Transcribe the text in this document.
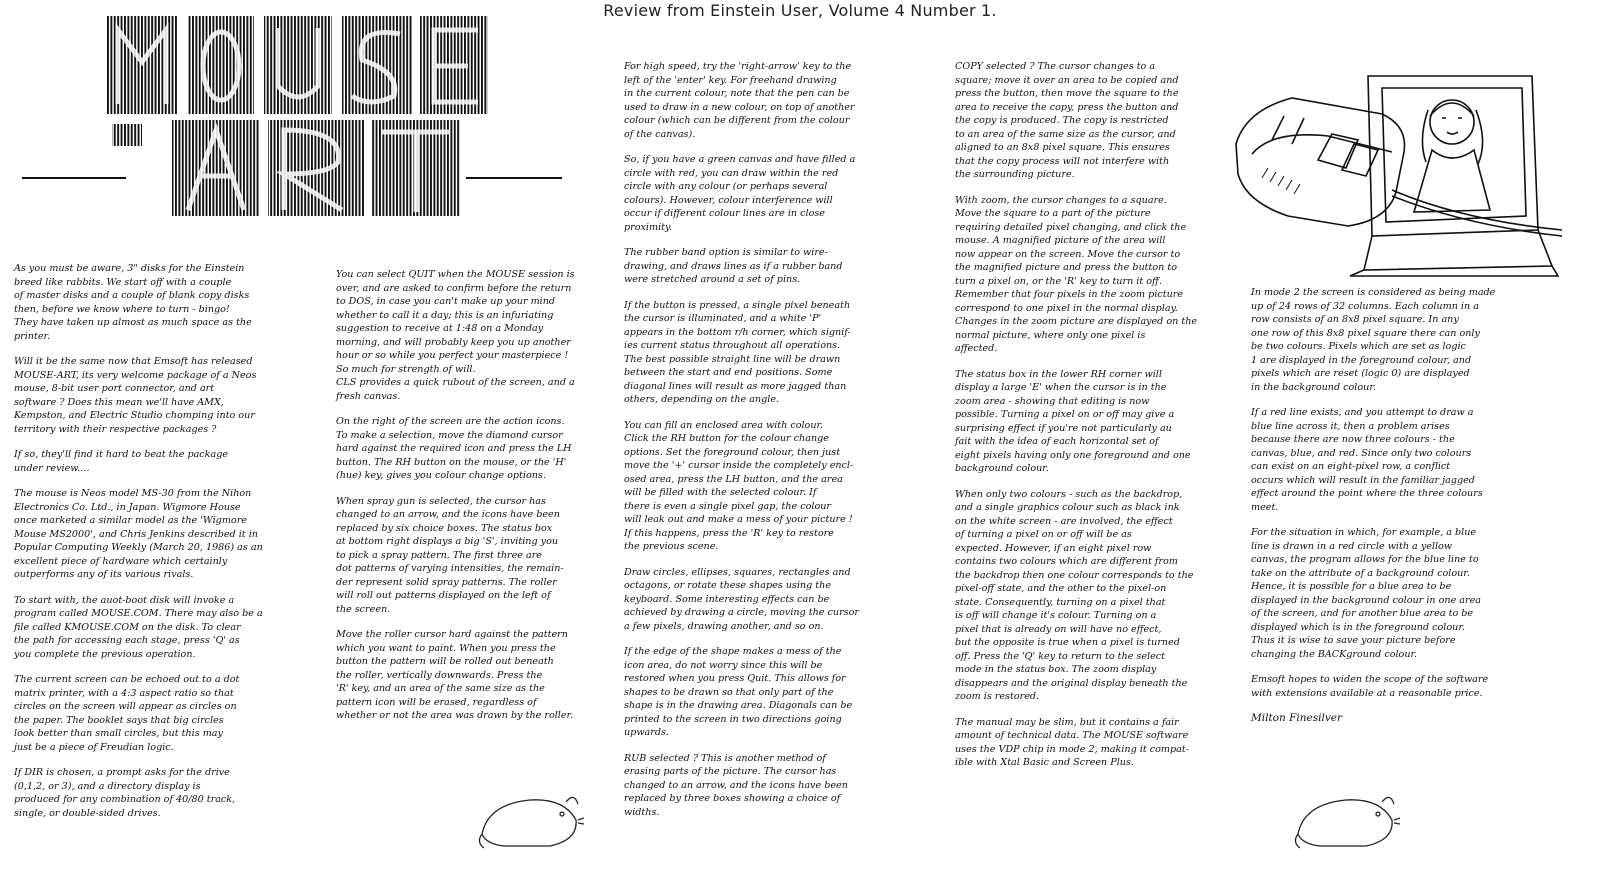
Review from Einstein User, Volume 4 Number 1.

As you must be aware, 3" disks for the Einstein
breed like rabbits. We start off with a couple
of master disks and a couple of blank copy disks
then, before we know where to turn - bingo!
They have taken up almost as much space as the
printer.

Will it be the same now that Emsoft has released
MOUSE-ART, its very welcome package of a Neos
mouse, 8-bit user port connector, and art
software ? Does this mean we'll have AMX,
Kempston, and Electric Studio chomping into our
territory with their respective packages ?

If so, they'll find it hard to beat the package
under review....

The mouse is Neos model MS-30 from the Nihon
Electronics Co. Ltd., in Japan. Wigmore House
once marketed a similar model as the 'Wigmore
Mouse MS2000', and Chris Jenkins described it in
Popular Computing Weekly (March 20, 1986) as an
excellent piece of hardware which certainly
outperforms any of its various rivals.

To start with, the auot-boot disk will invoke a
program called MOUSE.COM. There may also be a
file called KMOUSE.COM on the disk. To clear
the path for accessing each stage, press 'Q' as
you complete the previous operation.

The current screen can be echoed out to a dot
matrix printer, with a 4:3 aspect ratio so that
circles on the screen will appear as circles on
the paper. The booklet says that big circles
look better than small circles, but this may
just be a piece of Freudian logic.

If DIR is chosen, a prompt asks for the drive
(0,1,2, or 3), and a directory display is
produced for any combination of 40/80 track,
single, or double-sided drives.

You can select QUIT when the MOUSE session is
over, and are asked to confirm before the return
to DOS, in case you can't make up your mind
whether to call it a day; this is an infuriating
suggestion to receive at 1:48 on a Monday
morning, and will probably keep you up another
hour or so while you perfect your masterpiece !
So much for strength of will.
CLS provides a quick rubout of the screen, and a
fresh canvas.

On the right of the screen are the action icons.
To make a selection, move the diamond cursor
hard against the required icon and press the LH
button. The RH button on the mouse, or the 'H'
(hue) key, gives you colour change options.

When spray gun is selected, the cursor has
changed to an arrow, and the icons have been
replaced by six choice boxes. The status box
at bottom right displays a big 'S', inviting you
to pick a spray pattern. The first three are
dot patterns of varying intensities, the remain-
der represent solid spray patterns. The roller
will roll out patterns displayed on the left of
the screen.

Move the roller cursor hard against the pattern
which you want to paint. When you press the
button the pattern will be rolled out beneath
the roller, vertically downwards. Press the
'R' key, and an area of the same size as the
pattern icon will be erased, regardless of
whether or not the area was drawn by the roller.

For high speed, try the 'right-arrow' key to the
left of the 'enter' key. For freehand drawing
in the current colour, note that the pen can be
used to draw in a new colour, on top of another
colour (which can be different from the colour
of the canvas).

So, if you have a green canvas and have filled a
circle with red, you can draw within the red
circle with any colour (or perhaps several
colours). However, colour interference will
occur if different colour lines are in close
proximity.

The rubber band option is similar to wire-
drawing, and draws lines as if a rubber band
were stretched around a set of pins.

If the button is pressed, a single pixel beneath
the cursor is illuminated, and a white 'P'
appears in the bottom r/h corner, which signif-
ies current status throughout all operations.
The best possible straight line will be drawn
between the start and end positions. Some
diagonal lines will result as more jagged than
others, depending on the angle.

You can fill an enclosed area with colour.
Click the RH button for the colour change
options. Set the foreground colour, then just
move the '+' cursor inside the completely encl-
osed area, press the LH button, and the area
will be filled with the selected colour. If
there is even a single pixel gap, the colour
will leak out and make a mess of your picture !
If this happens, press the 'R' key to restore
the previous scene.

Draw circles, ellipses, squares, rectangles and
octagons, or rotate these shapes using the
keyboard. Some interesting effects can be
achieved by drawing a circle, moving the cursor
a few pixels, drawing another, and so on.

If the edge of the shape makes a mess of the
icon area, do not worry since this will be
restored when you press Quit. This allows for
shapes to be drawn so that only part of the
shape is in the drawing area. Diagonals can be
printed to the screen in two directions going
upwards.

RUB selected ? This is another method of
erasing parts of the picture. The cursor has
changed to an arrow, and the icons have been
replaced by three boxes showing a choice of
widths.

COPY selected ? The cursor changes to a
square; move it over an area to be copied and
press the button, then move the square to the
area to receive the copy, press the button and
the copy is produced. The copy is restricted
to an area of the same size as the cursor, and
aligned to an 8x8 pixel square. This ensures
that the copy process will not interfere with
the surrounding picture.

With zoom, the cursor changes to a square.
Move the square to a part of the picture
requiring detailed pixel changing, and click the
mouse. A magnified picture of the area will
now appear on the screen. Move the cursor to
the magnified picture and press the button to
turn a pixel on, or the 'R' key to turn it off.
Remember that four pixels in the zoom picture
correspond to one pixel in the normal display.
Changes in the zoom picture are displayed on the
normal picture, where only one pixel is
affected.

The status box in the lower RH corner will
display a large 'E' when the cursor is in the
zoom area - showing that editing is now
possible. Turning a pixel on or off may give a
surprising effect if you're not particularly au
fait with the idea of each horizontal set of
eight pixels having only one foreground and one
background colour.

When only two colours - such as the backdrop,
and a single graphics colour such as black ink
on the white screen - are involved, the effect
of turning a pixel on or off will be as
expected. However, if an eight pixel row
contains two colours which are different from
the backdrop then one colour corresponds to the
pixel-off state, and the other to the pixel-on
state. Consequently, turning on a pixel that
is off will change it's colour. Turning on a
pixel that is already on will have no effect,
but the opposite is true when a pixel is turned
off. Press the 'Q' key to return to the select
mode in the status box. The zoom display
disappears and the original display beneath the
zoom is restored.

The manual may be slim, but it contains a fair
amount of technical data. The MOUSE software
uses the VDP chip in mode 2, making it compat-
ible with Xtal Basic and Screen Plus.

In mode 2 the screen is considered as being made
up of 24 rows of 32 columns. Each column in a
row consists of an 8x8 pixel square. In any
one row of this 8x8 pixel square there can only
be two colours. Pixels which are set as logic
1 are displayed in the foreground colour, and
pixels which are reset (logic 0) are displayed
in the background colour.

If a red line exists, and you attempt to draw a
blue line across it, then a problem arises
because there are now three colours - the
canvas, blue, and red. Since only two colours
can exist on an eight-pixel row, a conflict
occurs which will result in the familiar jagged
effect around the point where the three colours
meet.

For the situation in which, for example, a blue
line is drawn in a red circle with a yellow
canvas, the program allows for the blue line to
take on the attribute of a background colour.
Hence, it is possible for a blue area to be
displayed in the background colour in one area
of the screen, and for another blue area to be
displayed which is in the foreground colour.
Thus it is wise to save your picture before
changing the BACKground colour.

Emsoft hopes to widen the scope of the software
with extensions available at a reasonable price.

Milton Finesilver
